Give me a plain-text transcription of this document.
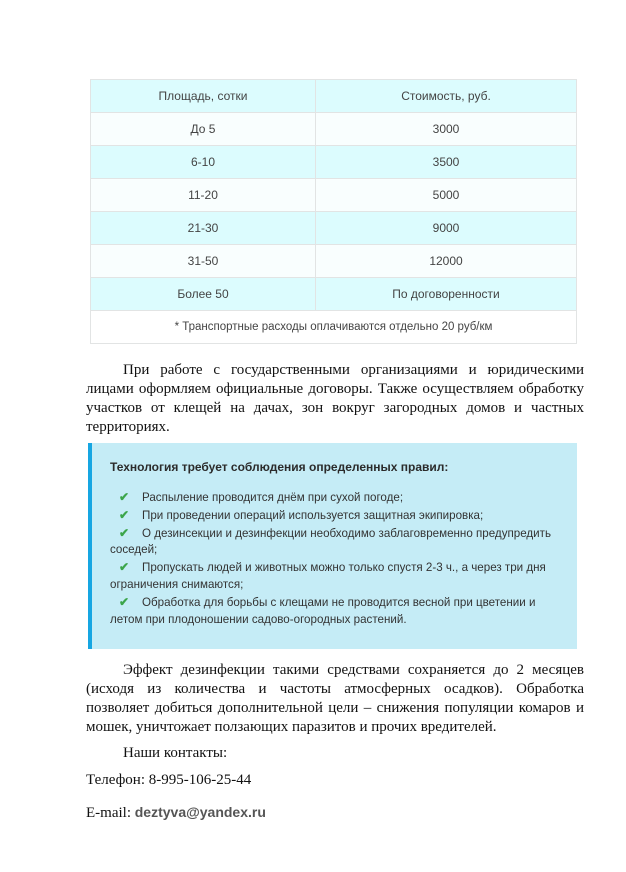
Площадь, сотки	Стоимость, руб.
До 5	3000
6-10	3500
11-20	5000
21-30	9000
31-50	12000
Более 50	По договоренности
* Транспортные расходы оплачиваются отдельно 20 руб/км	

При работе с государственными организациями и юридическими лицами оформляем официальные договоры. Также осуществляем обработку участков от клещей на дачах, зон вокруг загородных домов и частных территориях.

Технология требует соблюдения определенных правил:

✔ Распыление проводится днём при сухой погоде;
✔ При проведении операций используется защитная экипировка;
✔ О дезинсекции и дезинфекции необходимо заблаговременно предупредить соседей;
✔ Пропускать людей и животных можно только спустя 2-3 ч., а через три дня ограничения снимаются;
✔ Обработка для борьбы с клещами не проводится весной при цветении и летом при плодоношении садово-огородных растений.

Эффект дезинфекции такими средствами сохраняется до 2 месяцев (исходя из количества и частоты атмосферных осадков). Обработка позволяет добиться дополнительной цели – снижения популяции комаров и мошек, уничтожает ползающих паразитов и прочих вредителей.

Наши контакты:

Телефон: 8-995-106-25-44

E-mail: deztyva@yandex.ru
